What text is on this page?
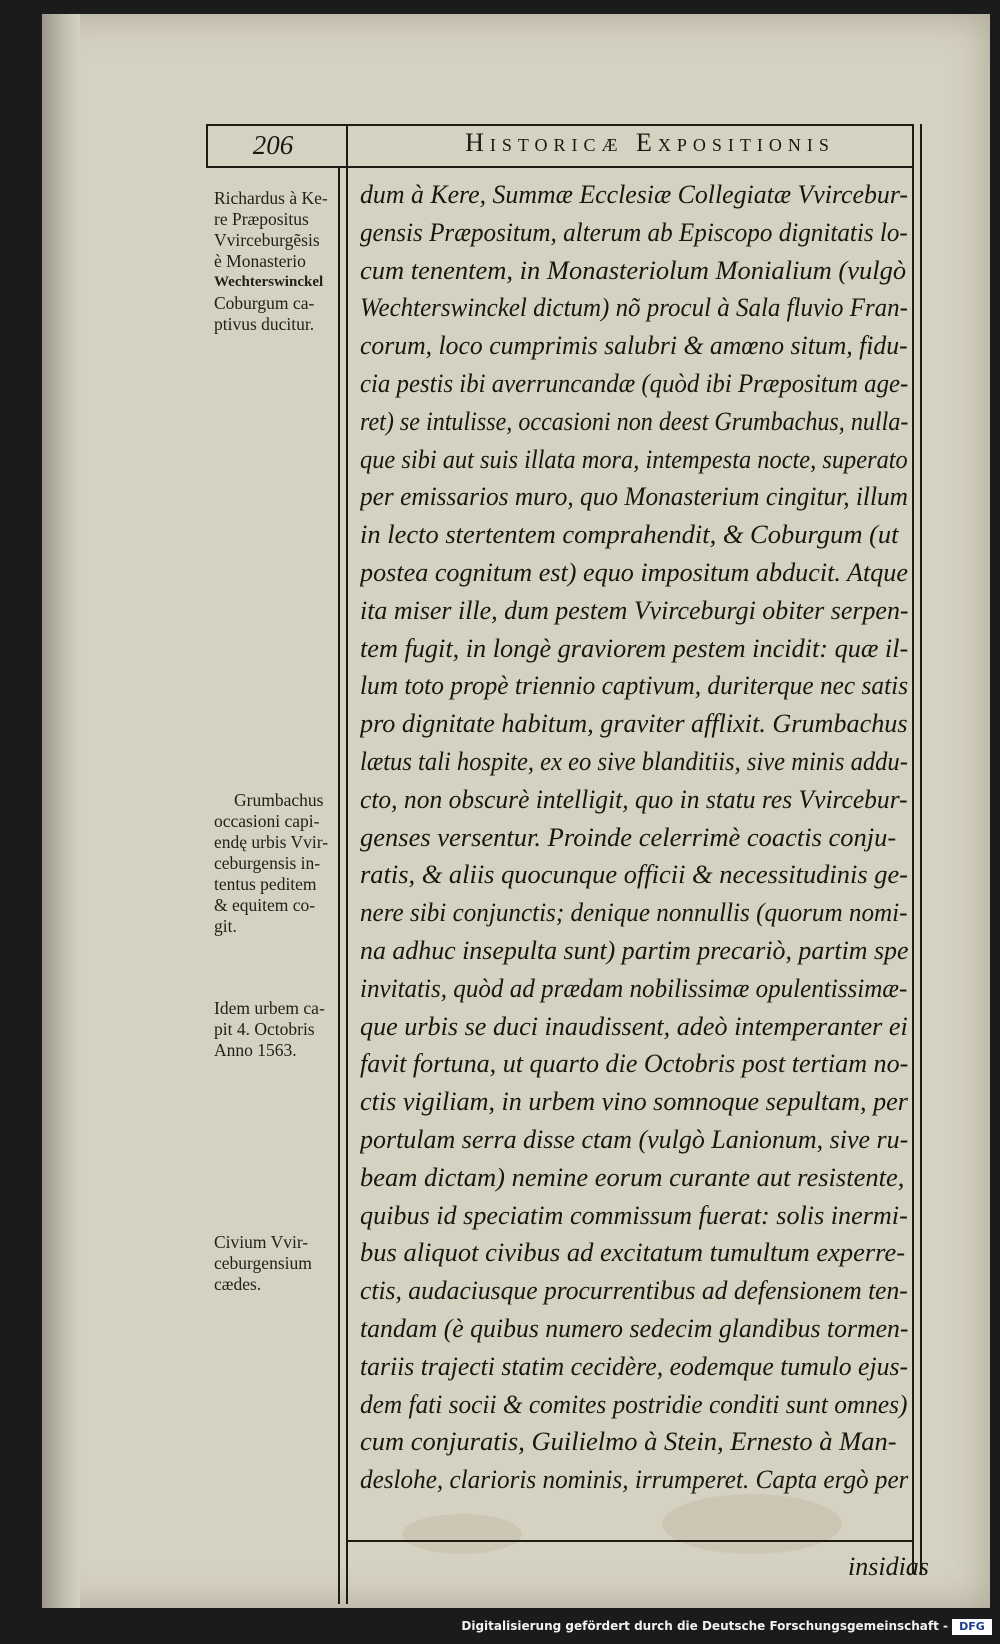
206	Historicæ Expositionis
Richardus à Ke-
re Præpositus
Vvirceburgẽsis
è Monasterio
Wechterswinckel
Coburgum ca-
ptivus ducitur.
Grumbachus
occasioni capi-
endę urbis Vvir-
ceburgensis in-
tentus peditem
& equitem co-
git.
Idem urbem ca-
pit 4. Octobris
Anno 1563.
Civium Vvir-
ceburgensium
cædes.
dum à Kere, Summæ Ecclesiæ Collegiatæ Vvircebur-
gensis Præpositum, alterum ab Episcopo dignitatis lo-
cum tenentem, in Monasteriolum Monialium (vulgò
Wechterswinckel dictum) nõ procul à Sala fluvio Fran-
corum, loco cumprimis salubri & amœno situm, fidu-
cia pestis ibi averruncandæ (quòd ibi Præpositum age-
ret) se intulisse, occasioni non deest Grumbachus, nulla-
que sibi aut suis illata mora, intempesta nocte, superato
per emissarios muro, quo Monasterium cingitur, illum
in lecto stertentem comprahendit, & Coburgum (ut
postea cognitum est) equo impositum abducit. Atque
ita miser ille, dum pestem Vvirceburgi obiter serpen-
tem fugit, in longè graviorem pestem incidit: quæ il-
lum toto propè triennio captivum, duriterque nec satis
pro dignitate habitum, graviter afflixit. Grumbachus
lætus tali hospite, ex eo sive blanditiis, sive minis addu-
cto, non obscurè intelligit, quo in statu res Vvircebur-
genses versentur. Proinde celerrimè coactis conju-
ratis, & aliis quocunque officii & necessitudinis ge-
nere sibi conjunctis; denique nonnullis (quorum nomi-
na adhuc insepulta sunt) partim precariò, partim spe
invitatis, quòd ad prædam nobilissimæ opulentissimæ-
que urbis se duci inaudissent, adeò intemperanter ei
favit fortuna, ut quarto die Octobris post tertiam no-
ctis vigiliam, in urbem vino somnoque sepultam, per
portulam serra disse ctam (vulgò Lanionum, sive ru-
beam dictam) nemine eorum curante aut resistente,
quibus id speciatim commissum fuerat: solis inermi-
bus aliquot civibus ad excitatum tumultum experre-
ctis, audaciusque procurrentibus ad defensionem ten-
tandam (è quibus numero sedecim glandibus tormen-
tariis trajecti statim cecidère, eodemque tumulo ejus-
dem fati socii & comites postridie conditi sunt omnes)
cum conjuratis, Guilielmo à Stein, Ernesto à Man-
deslohe, clarioris nominis, irrumperet. Capta ergò per
insidias
Digitalisierung gefördert durch die Deutsche Forschungsgemeinschaft -	DFG
